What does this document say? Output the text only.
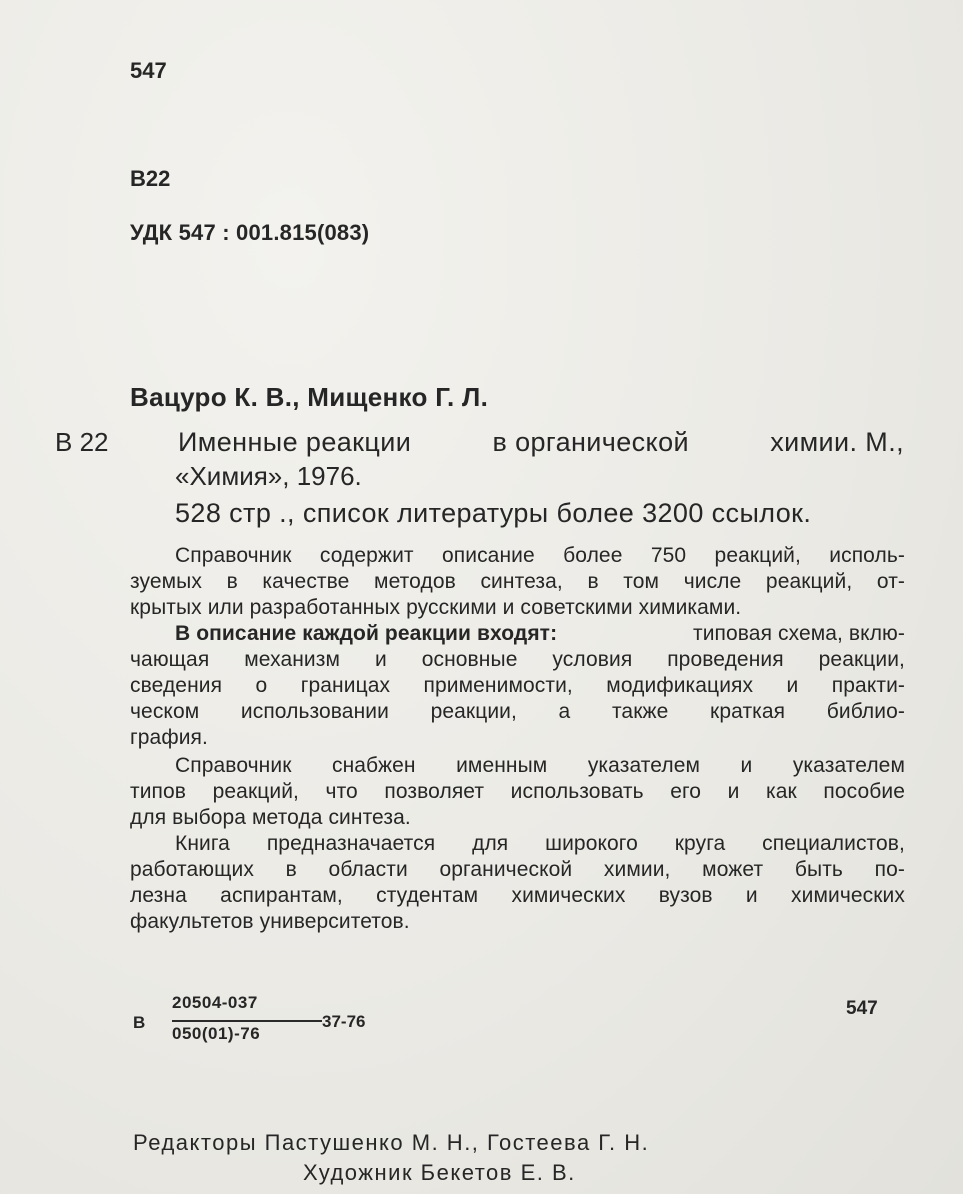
547
B22
УДК 547 : 001.815(083)
Вацуро К. В., Мищенко Г. Л.
В 22	Именные реакции	в органической	химии. М.,
«Химия», 1976.
528 стр ., список литературы более 3200 ссылок.
Справочник содержит описание более 750 реакций, исполь-
зуемых в качестве методов синтеза, в том числе реакций, от-
крытых или разработанных русскими и советскими химиками.
В описание каждой реакции входят:	типовая схема, вклю-
чающая механизм и основные условия проведения реакции,
сведения о границах применимости, модификациях и практи-
ческом использовании реакции, а также краткая библио-
графия.
Справочник снабжен именным указателем и указателем
типов реакций, что позволяет использовать его и как пособие
для выбора метода синтеза.
Книга предназначается для широкого круга специалистов,
работающих в области органической химии, может быть по-
лезна аспирантам, студентам химических вузов и химических
факультетов университетов.
В
20504-037
050(01)-76
37-76
547
Редакторы Пастушенко М. Н., Гостеева Г. Н.
Художник Бекетов Е. В.
